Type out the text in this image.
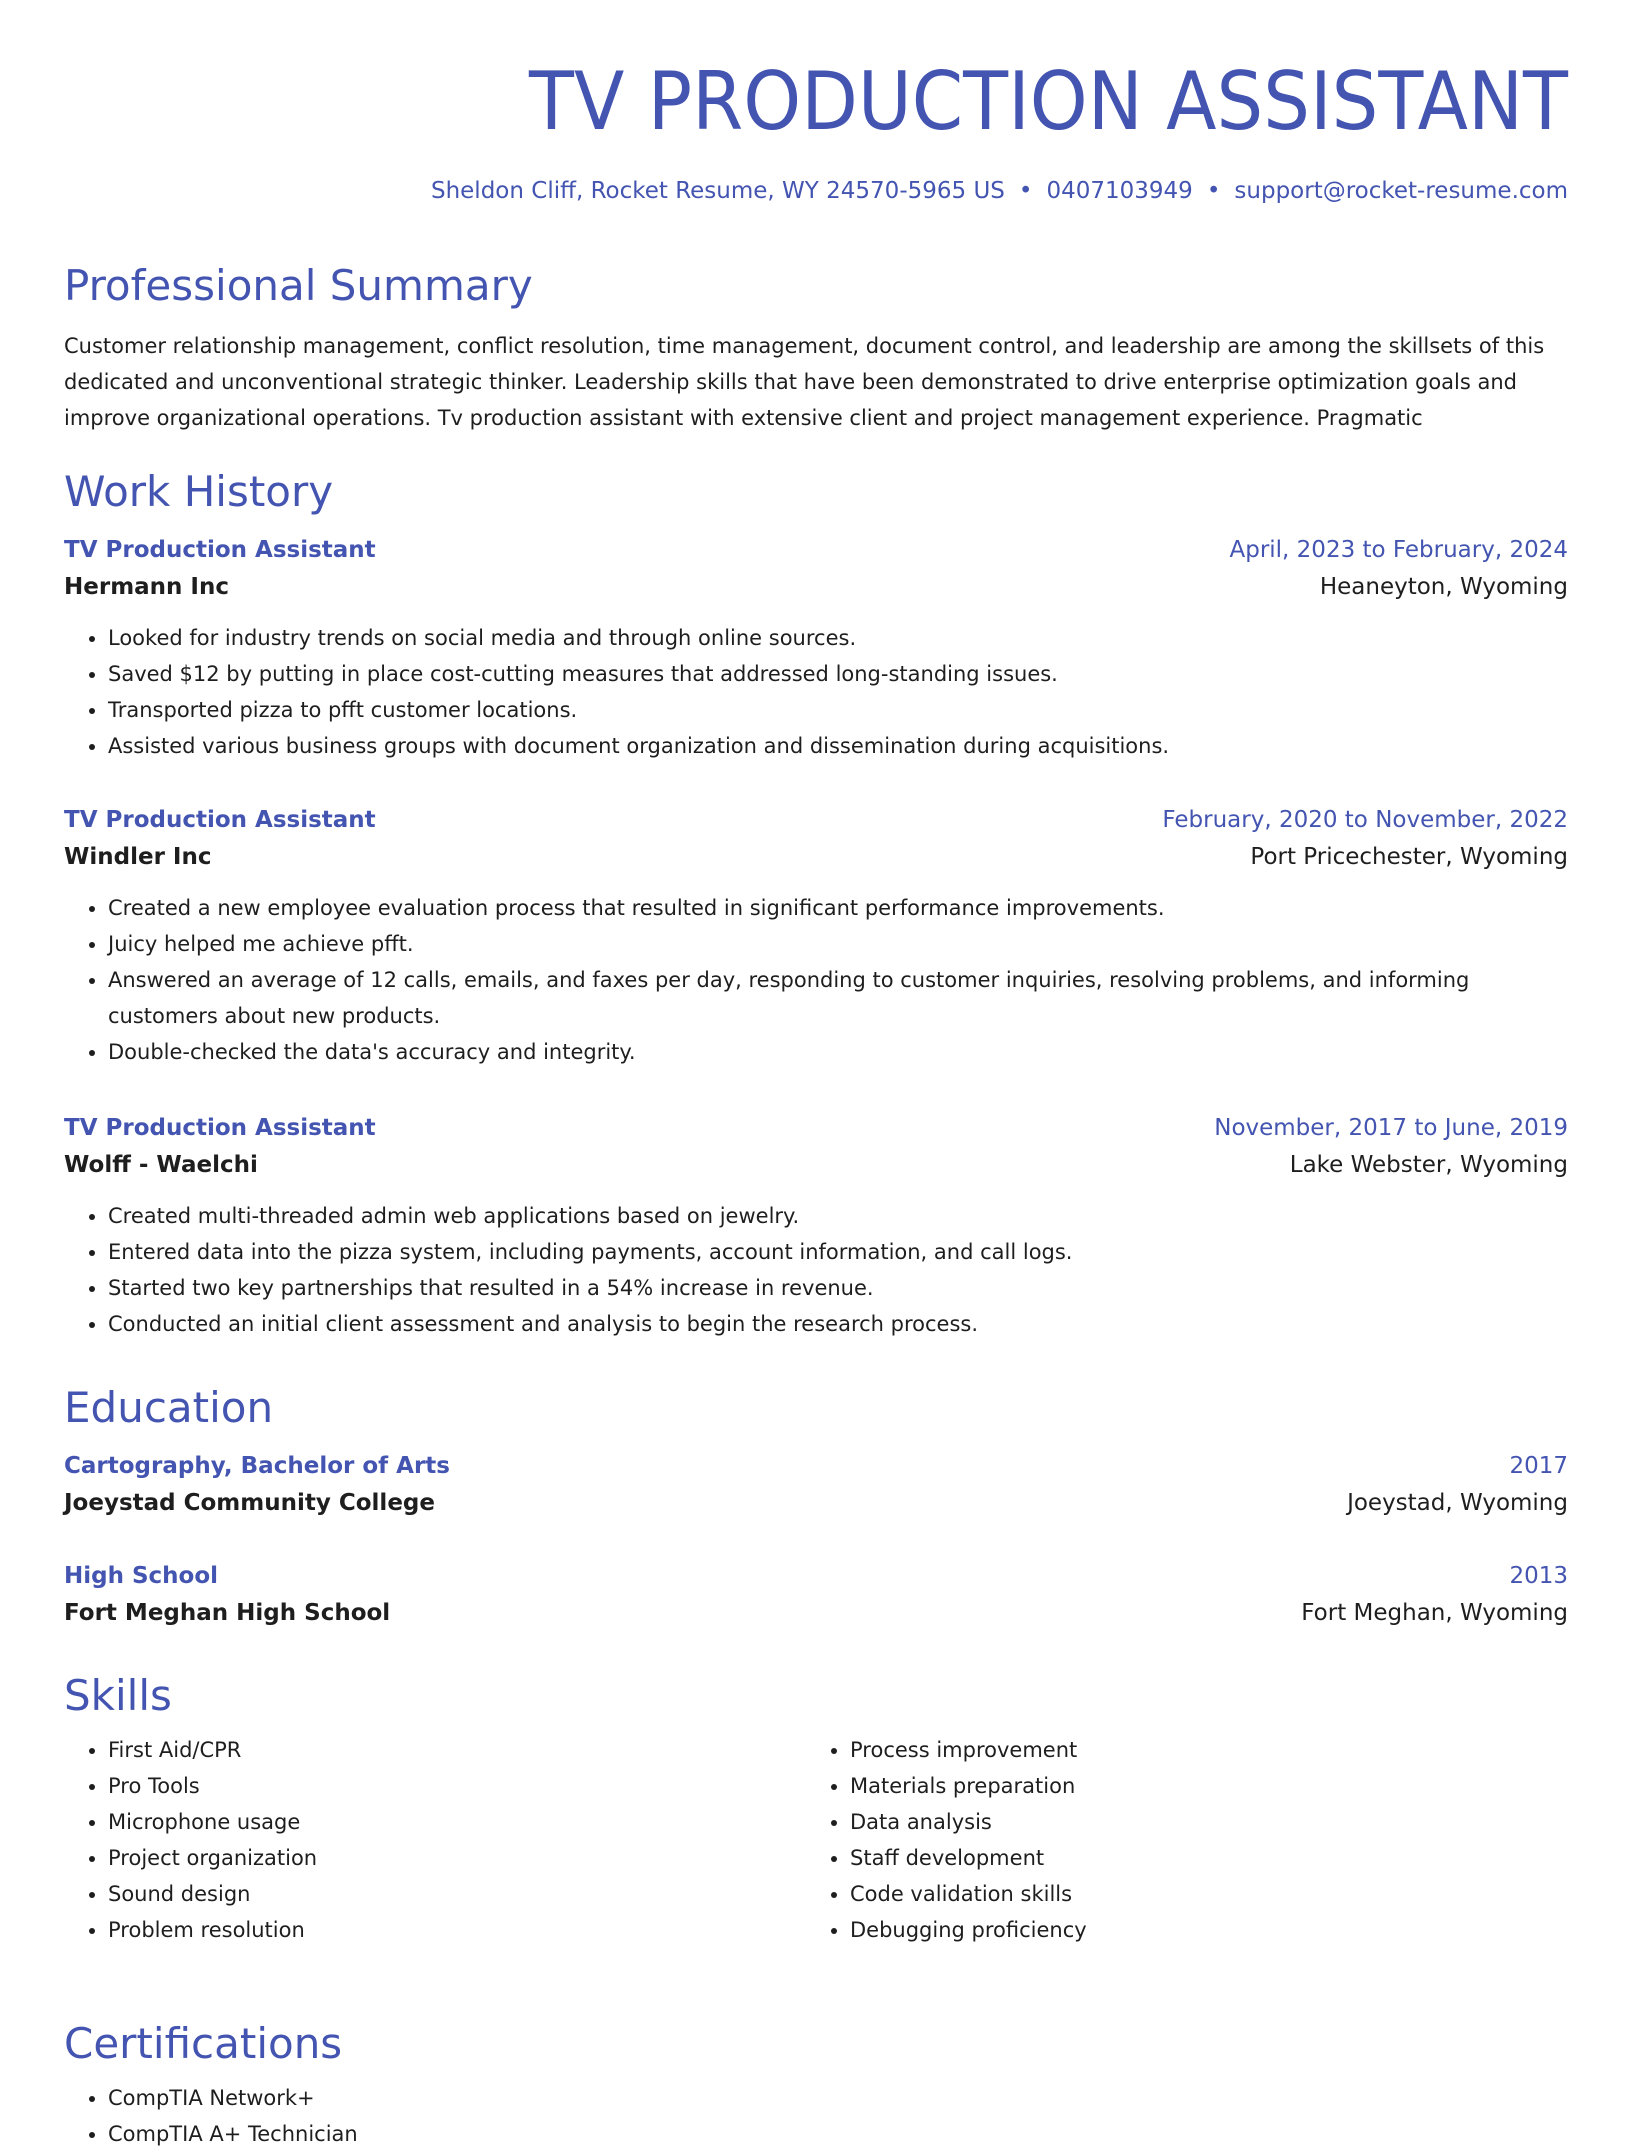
TV PRODUCTION ASSISTANT
Sheldon Cliff, Rocket Resume, WY 24570-5965 US • 0407103949 • support@rocket-resume.com
Professional Summary

Customer relationship management, conflict resolution, time management, document control, and leadership are among the skillsets of this dedicated and unconventional strategic thinker. Leadership skills that have been demonstrated to drive enterprise optimization goals and improve organizational operations. Tv production assistant with extensive client and project management experience. Pragmatic

Work History
TV Production Assistant	April, 2023 to February, 2024
Hermann Inc	Heaneyton, Wyoming
• Looked for industry trends on social media and through online sources.
• Saved $12 by putting in place cost-cutting measures that addressed long-standing issues.
• Transported pizza to pfft customer locations.
• Assisted various business groups with document organization and dissemination during acquisitions.
TV Production Assistant	February, 2020 to November, 2022
Windler Inc	Port Pricechester, Wyoming
• Created a new employee evaluation process that resulted in significant performance improvements.
• Juicy helped me achieve pfft.
• Answered an average of 12 calls, emails, and faxes per day, responding to customer inquiries, resolving problems, and informing customers about new products.
• Double-checked the data's accuracy and integrity.
TV Production Assistant	November, 2017 to June, 2019
Wolff - Waelchi	Lake Webster, Wyoming
• Created multi-threaded admin web applications based on jewelry.
• Entered data into the pizza system, including payments, account information, and call logs.
• Started two key partnerships that resulted in a 54% increase in revenue.
• Conducted an initial client assessment and analysis to begin the research process.
Education
Cartography, Bachelor of Arts	2017
Joeystad Community College	Joeystad, Wyoming
High School	2013
Fort Meghan High School	Fort Meghan, Wyoming
Skills
• First Aid/CPR
• Pro Tools
• Microphone usage
• Project organization
• Sound design
• Problem resolution
• Process improvement
• Materials preparation
• Data analysis
• Staff development
• Code validation skills
• Debugging proficiency
Certifications
• CompTIA Network+
• CompTIA A+ Technician
